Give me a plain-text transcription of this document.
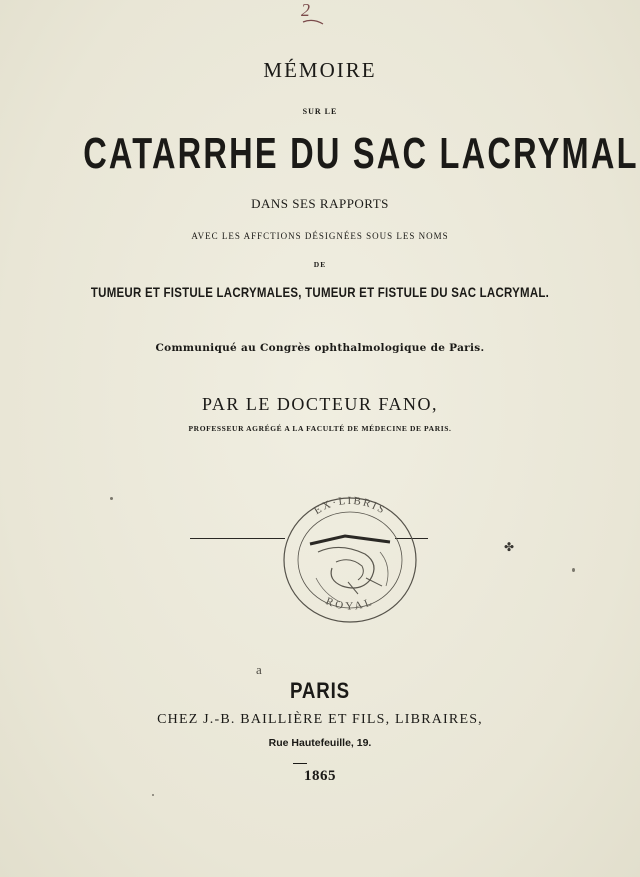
2
MÉMOIRE
SUR LE
CATARRHE DU SAC LACRYMAL
DANS SES RAPPORTS
AVEC LES AFFCTIONS DÉSIGNÉES SOUS LES NOMS
DE
TUMEUR ET FISTULE LACRYMALES, TUMEUR ET FISTULE DU SAC LACRYMAL.
Communiqué au Congrès ophthalmologique de Paris.
PAR LE DOCTEUR FANO,
PROFESSEUR AGRÉGÉ A LA FACULTÉ DE MÉDECINE DE PARIS.
EX·LIBRIS
ROYAL
a
✤
PARIS
CHEZ J.-B. BAILLIÈRE ET FILS, LIBRAIRES,
Rue Hautefeuille, 19.
1865
